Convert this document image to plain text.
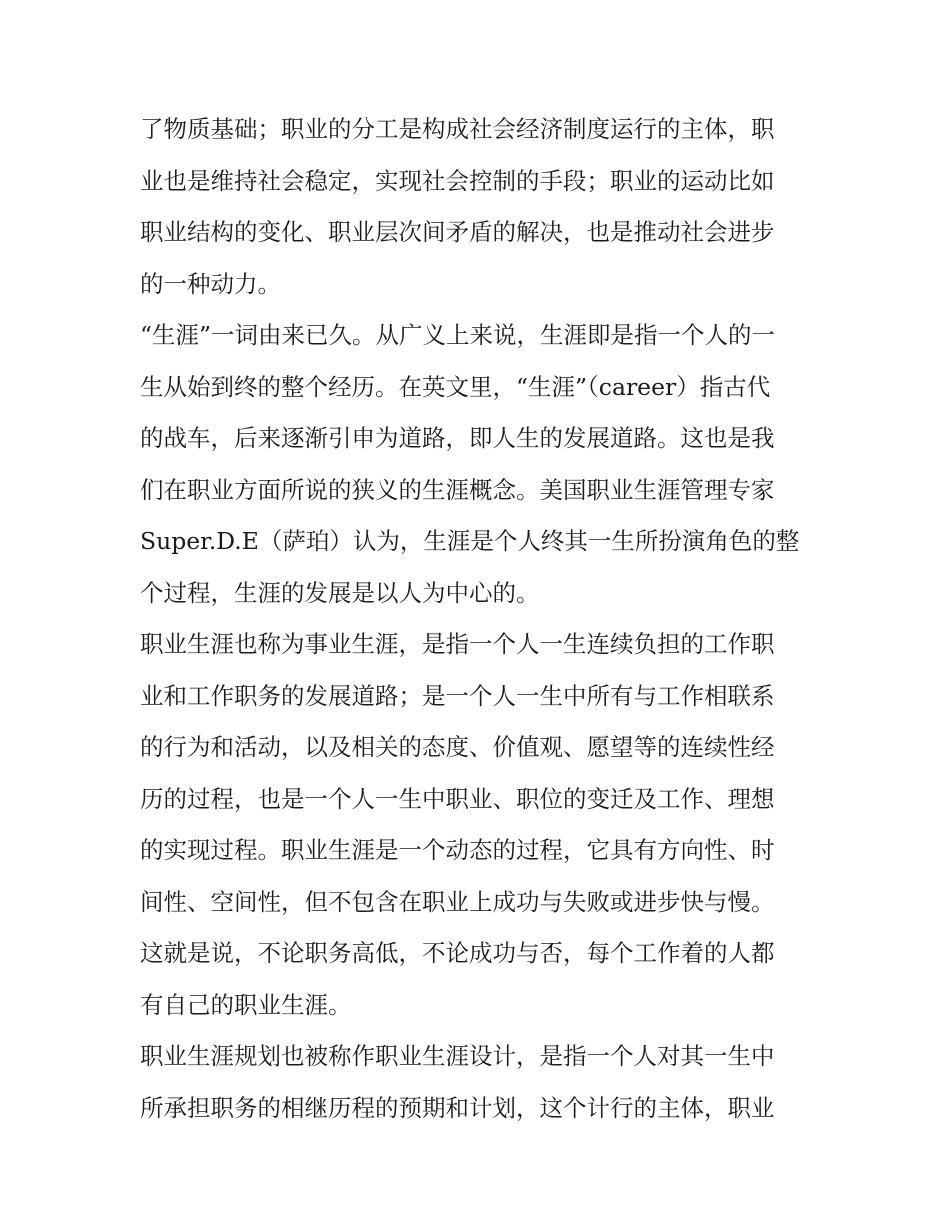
了物质基础；职业的分工是构成社会经济制度运行的主体，职
业也是维持社会稳定，实现社会控制的手段；职业的运动比如
职业结构的变化、职业层次间矛盾的解决，也是推动社会进步
的一种动力。
“生涯”一词由来已久。从广义上来说，生涯即是指一个人的一
生从始到终的整个经历。在英文里，“生涯”（career）指古代
的战车，后来逐渐引申为道路，即人生的发展道路。这也是我
们在职业方面所说的狭义的生涯概念。美国职业生涯管理专家
Super.D.E（萨珀）认为，生涯是个人终其一生所扮演角色的整
个过程，生涯的发展是以人为中心的。
职业生涯也称为事业生涯，是指一个人一生连续负担的工作职
业和工作职务的发展道路；是一个人一生中所有与工作相联系
的行为和活动，以及相关的态度、价值观、愿望等的连续性经
历的过程，也是一个人一生中职业、职位的变迁及工作、理想
的实现过程。职业生涯是一个动态的过程，它具有方向性、时
间性、空间性，但不包含在职业上成功与失败或进步快与慢。
这就是说，不论职务高低，不论成功与否，每个工作着的人都
有自己的职业生涯。
职业生涯规划也被称作职业生涯设计，是指一个人对其一生中
所承担职务的相继历程的预期和计划，这个计行的主体，职业
